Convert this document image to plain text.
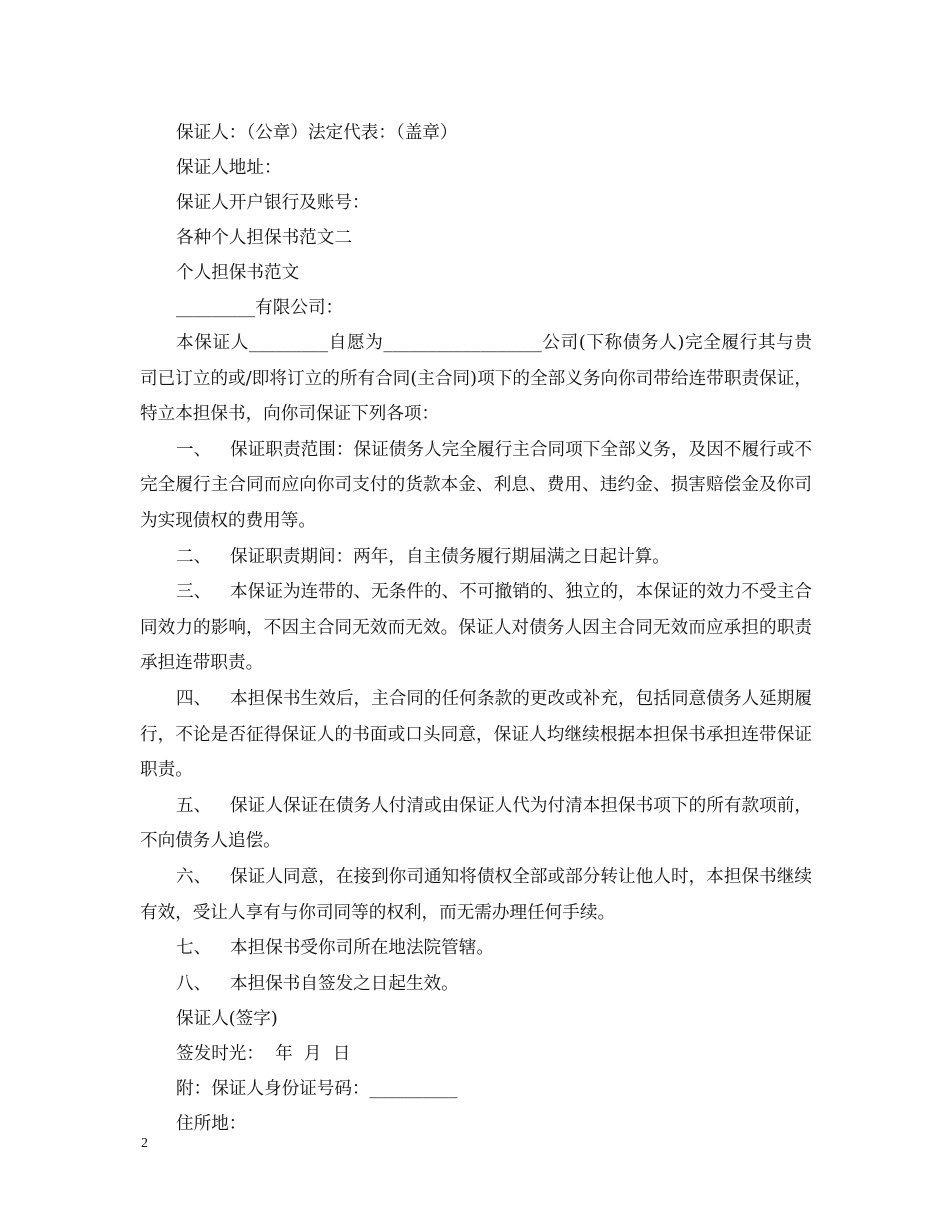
保证人：（公章）法定代表：（盖章）

保证人地址：

保证人开户银行及账号：

各种个人担保书范文二

个人担保书范文

_________有限公司：

本保证人_________自愿为__________________公司(下称债务人)完全履行其与贵司已订立的或/即将订立的所有合同(主合同)项下的全部义务向你司带给连带职责保证，特立本担保书，向你司保证下列各项：

一、 保证职责范围：保证债务人完全履行主合同项下全部义务，及因不履行或不完全履行主合同而应向你司支付的货款本金、利息、费用、违约金、损害赔偿金及你司为实现债权的费用等。

二、 保证职责期间：两年，自主债务履行期届满之日起计算。

三、 本保证为连带的、无条件的、不可撤销的、独立的，本保证的效力不受主合同效力的影响，不因主合同无效而无效。保证人对债务人因主合同无效而应承担的职责承担连带职责。

四、 本担保书生效后，主合同的任何条款的更改或补充，包括同意债务人延期履行，不论是否征得保证人的书面或口头同意，保证人均继续根据本担保书承担连带保证职责。

五、 保证人保证在债务人付清或由保证人代为付清本担保书项下的所有款项前，不向债务人追偿。

六、 保证人同意，在接到你司通知将债权全部或部分转让他人时，本担保书继续有效，受让人享有与你司同等的权利，而无需办理任何手续。

七、 本担保书受你司所在地法院管辖。

八、 本担保书自签发之日起生效。

保证人(签字)

签发时光：  年  月  日

附：保证人身份证号码：__________

住所地：

2
